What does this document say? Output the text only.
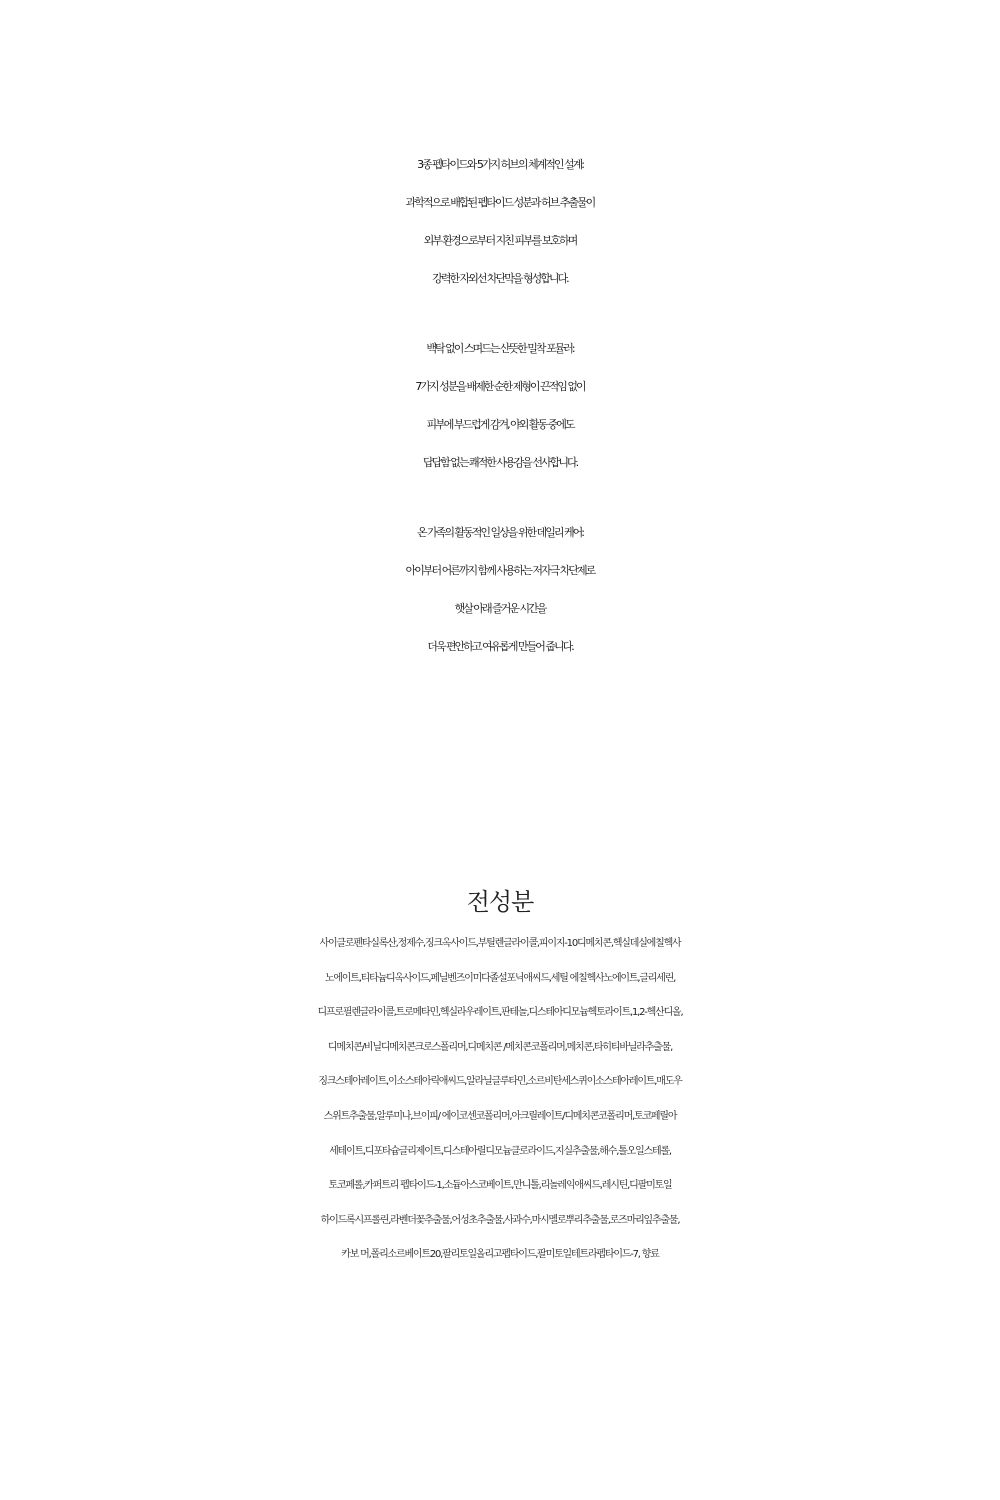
3종 펩타이드와 5가지 허브의 체계적인 설계:
과학적으로 배합된 펩타이드 성분과 허브 추출물이
외부 환경으로부터 지친 피부를 보호하며
강력한 자외선 차단막을 형성합니다.
백탁 없이 스며드는 산뜻한 밀착 포뮬러:
7가지 성분을 배제한 순한 제형이 끈적임 없이
피부에 부드럽게 감겨, 야외 활동 중에도
답답함 없는 쾌적한 사용감을 선사합니다.
온 가족의 활동적인 일상을 위한 데일리 케어:
아이부터 어른까지 함께 사용하는 저자극 차단제로
햇살 아래 즐거운 시간을
더욱 편안하고 여유롭게 만들어 줍니다.
전성분
사이클로펜타실록산,정제수,징크옥사이드,부틸렌글라이콜,피이지-10디메치콘,헥실데실에칠헥사
노에이트,티타늄디옥사이드,페닐벤즈이미다졸설포닉애씨드,세틸 에칠헥사노에이트,글리세린,
디프로필렌글라이콜,트로메타민,헥실라우레이트,판테놀,디스테아디모늄헥토라이트,1,2-헥산디올,
디메치콘/비닐디메치콘크로스폴리머,디메치콘 /메치콘코폴리머,메치콘,타히티바닐라추출물,
징크스테아레이트,이소스테아릭애씨드,알라닐글루타민,소르비탄세스퀴이소스테아레이트,매도우
스위트추출물,알루미나,브이피/ 에이코센코폴리머,아크릴레이트/디메치콘코폴리머,토코페릴아
세테이트,디포타슘글리제이트,디스테아릴디모늄클로라이드,지실추출물,해수,톨오일스테롤,
토코페롤,카퍼트리 펩타이드-1,소듐아스코베이트,만니톨,리놀레익애씨드,레시틴,디팔미토일
하이드록시프롤린,라벤더꽃추출물,어성초추출물,사과수,마시멜로뿌리추출물,로즈마리잎추출물,
카보 머,폴리소르베이트20,팔리토일올리고펩타이드,팔미토일테트라펩타이드-7, 향료
